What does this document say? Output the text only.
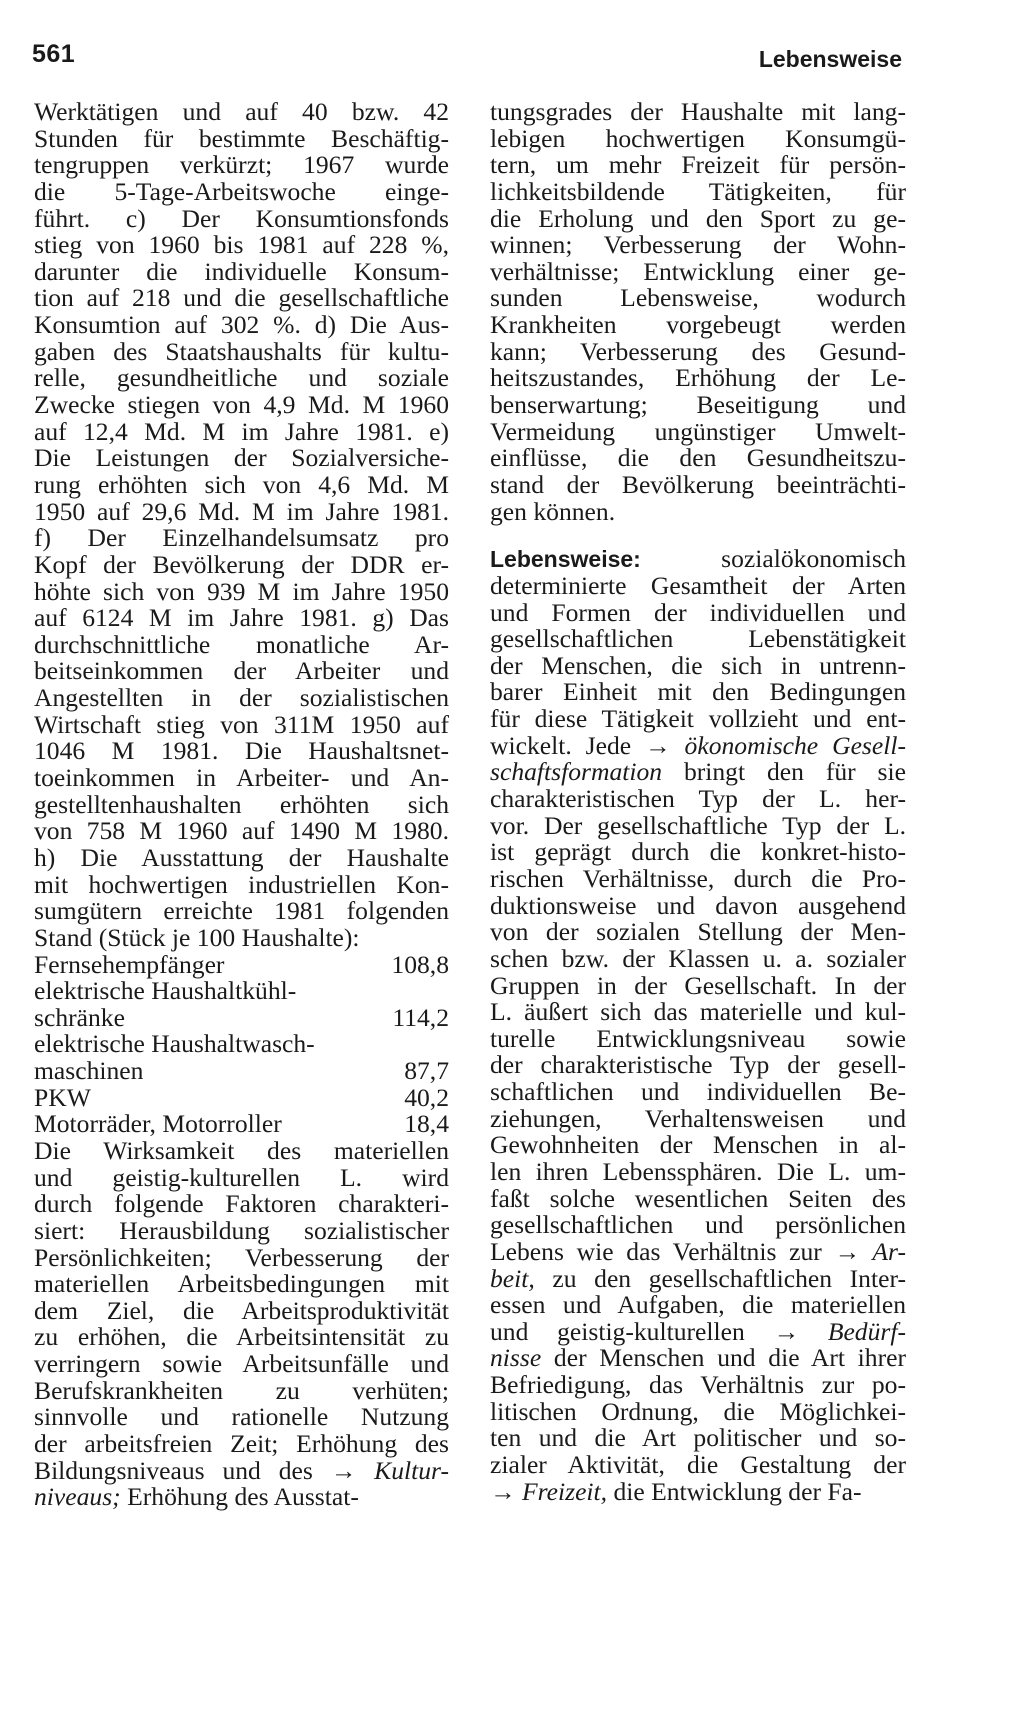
561	Lebensweise
Werktätigen und auf 40 bzw. 42
Stunden für bestimmte Beschäftig-
tengruppen verkürzt; 1967 wurde
die 5-Tage-Arbeitswoche einge-
führt. c) Der Konsumtionsfonds
stieg von 1960 bis 1981 auf 228 %,
darunter die individuelle Konsum-
tion auf 218 und die gesellschaftliche
Konsumtion auf 302 %. d) Die Aus-
gaben des Staatshaushalts für kultu-
relle, gesundheitliche und soziale
Zwecke stiegen von 4,9 Md. M 1960
auf 12,4 Md. M im Jahre 1981. e)
Die Leistungen der Sozialversiche-
rung erhöhten sich von 4,6 Md. M
1950 auf 29,6 Md. M im Jahre 1981.
f) Der Einzelhandelsumsatz pro
Kopf der Bevölkerung der DDR er-
höhte sich von 939 M im Jahre 1950
auf 6124 M im Jahre 1981. g) Das
durchschnittliche monatliche Ar-
beitseinkommen der Arbeiter und
Angestellten in der sozialistischen
Wirtschaft stieg von 311M 1950 auf
1046 M 1981. Die Haushaltsnet-
toeinkommen in Arbeiter- und An-
gestelltenhaushalten erhöhten sich
von 758 M 1960 auf 1490 M 1980.
h) Die Ausstattung der Haushalte
mit hochwertigen industriellen Kon-
sumgütern erreichte 1981 folgenden
Stand (Stück je 100 Haushalte):
Fernsehempfänger	108,8
elektrische Haushaltkühl-
schränke	114,2
elektrische Haushaltwasch-
maschinen	87,7
PKW	40,2
Motorräder, Motorroller	18,4
Die Wirksamkeit des materiellen
und geistig-kulturellen L. wird
durch folgende Faktoren charakteri-
siert: Herausbildung sozialistischer
Persönlichkeiten; Verbesserung der
materiellen Arbeitsbedingungen mit
dem Ziel, die Arbeitsproduktivität
zu erhöhen, die Arbeitsintensität zu
verringern sowie Arbeitsunfälle und
Berufskrankheiten zu verhüten;
sinnvolle und rationelle Nutzung
der arbeitsfreien Zeit; Erhöhung des
Bildungsniveaus und des → Kultur-
niveaus; Erhöhung des Ausstat-
tungsgrades der Haushalte mit lang-
lebigen hochwertigen Konsumgü-
tern, um mehr Freizeit für persön-
lichkeitsbildende Tätigkeiten, für
die Erholung und den Sport zu ge-
winnen; Verbesserung der Wohn-
verhältnisse; Entwicklung einer ge-
sunden Lebensweise, wodurch
Krankheiten vorgebeugt werden
kann; Verbesserung des Gesund-
heitszustandes, Erhöhung der Le-
benserwartung; Beseitigung und
Vermeidung ungünstiger Umwelt-
einflüsse, die den Gesundheitszu-
stand der Bevölkerung beeinträchti-
gen können.
Lebensweise:	sozialökonomisch
determinierte Gesamtheit der Arten
und Formen der individuellen und
gesellschaftlichen Lebenstätigkeit
der Menschen, die sich in untrenn-
barer Einheit mit den Bedingungen
für diese Tätigkeit vollzieht und ent-
wickelt. Jede → ökonomische Gesell-
schaftsformation bringt den für sie
charakteristischen Typ der L. her-
vor. Der gesellschaftliche Typ der L.
ist geprägt durch die konkret-histo-
rischen Verhältnisse, durch die Pro-
duktionsweise und davon ausgehend
von der sozialen Stellung der Men-
schen bzw. der Klassen u. a. sozialer
Gruppen in der Gesellschaft. In der
L. äußert sich das materielle und kul-
turelle Entwicklungsniveau sowie
der charakteristische Typ der gesell-
schaftlichen und individuellen Be-
ziehungen, Verhaltensweisen und
Gewohnheiten der Menschen in al-
len ihren Lebenssphären. Die L. um-
faßt solche wesentlichen Seiten des
gesellschaftlichen und persönlichen
Lebens wie das Verhältnis zur → Ar-
beit, zu den gesellschaftlichen Inter-
essen und Aufgaben, die materiellen
und geistig-kulturellen → Bedürf-
nisse der Menschen und die Art ihrer
Befriedigung, das Verhältnis zur po-
litischen Ordnung, die Möglichkei-
ten und die Art politischer und so-
zialer Aktivität, die Gestaltung der
→ Freizeit, die Entwicklung der Fa-
